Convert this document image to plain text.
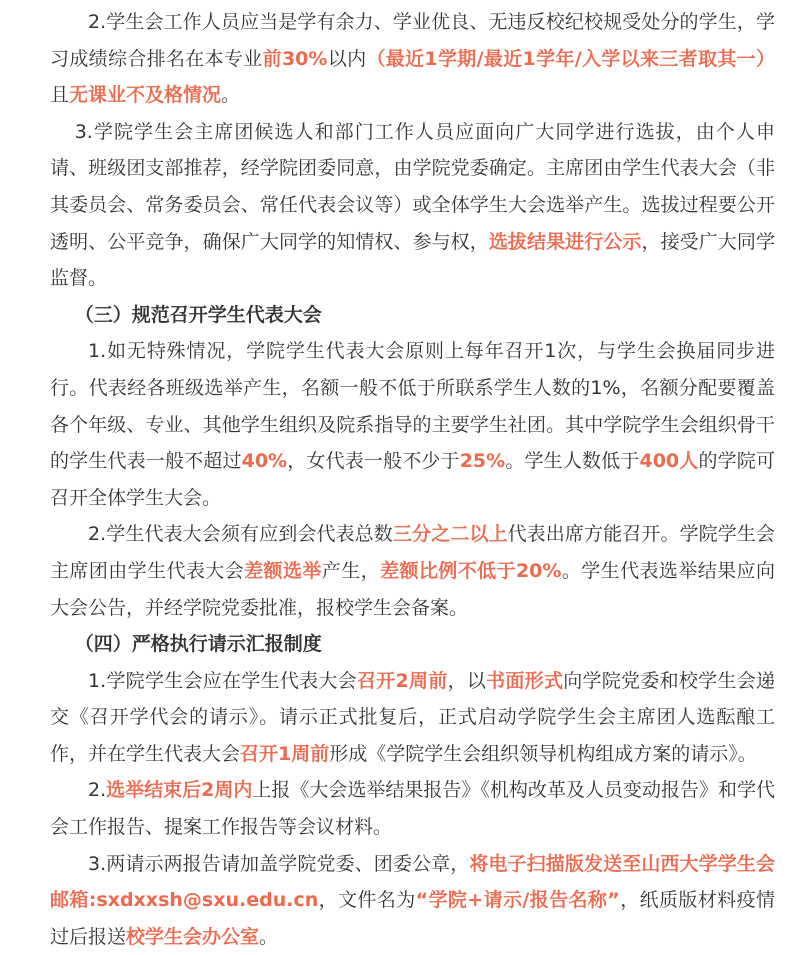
2.学生会工作人员应当是学有余力、学业优良、无违反校纪校规受处分的学生，学习成绩综合排名在本专业前30%以内（最近1学期/最近1学年/入学以来三者取其一）且无课业不及格情况。

3.学院学生会主席团候选人和部门工作人员应面向广大同学进行选拔，由个人申请、班级团支部推荐，经学院团委同意，由学院党委确定。主席团由学生代表大会（非其委员会、常务委员会、常任代表会议等）或全体学生大会选举产生。选拔过程要公开透明、公平竞争，确保广大同学的知情权、参与权，选拔结果进行公示，接受广大同学监督。

（三）规范召开学生代表大会

1.如无特殊情况，学院学生代表大会原则上每年召开1次，与学生会换届同步进行。代表经各班级选举产生，名额一般不低于所联系学生人数的1%，名额分配要覆盖各个年级、专业、其他学生组织及院系指导的主要学生社团。其中学院学生会组织骨干的学生代表一般不超过40%，女代表一般不少于25%。学生人数低于400人的学院可召开全体学生大会。

2.学生代表大会须有应到会代表总数三分之二以上代表出席方能召开。学院学生会主席团由学生代表大会差额选举产生，差额比例不低于20%。学生代表选举结果应向大会公告，并经学院党委批准，报校学生会备案。

（四）严格执行请示汇报制度

1.学院学生会应在学生代表大会召开2周前，以书面形式向学院党委和校学生会递交《召开学代会的请示》。请示正式批复后，正式启动学院学生会主席团人选酝酿工作，并在学生代表大会召开1周前形成《学院学生会组织领导机构组成方案的请示》。

2.选举结束后2周内上报《大会选举结果报告》《机构改革及人员变动报告》和学代会工作报告、提案工作报告等会议材料。

3.两请示两报告请加盖学院党委、团委公章，将电子扫描版发送至山西大学学生会邮箱:sxdxxsh@sxu.edu.cn，文件名为“学院+请示/报告名称”，纸质版材料疫情过后报送校学生会办公室。
